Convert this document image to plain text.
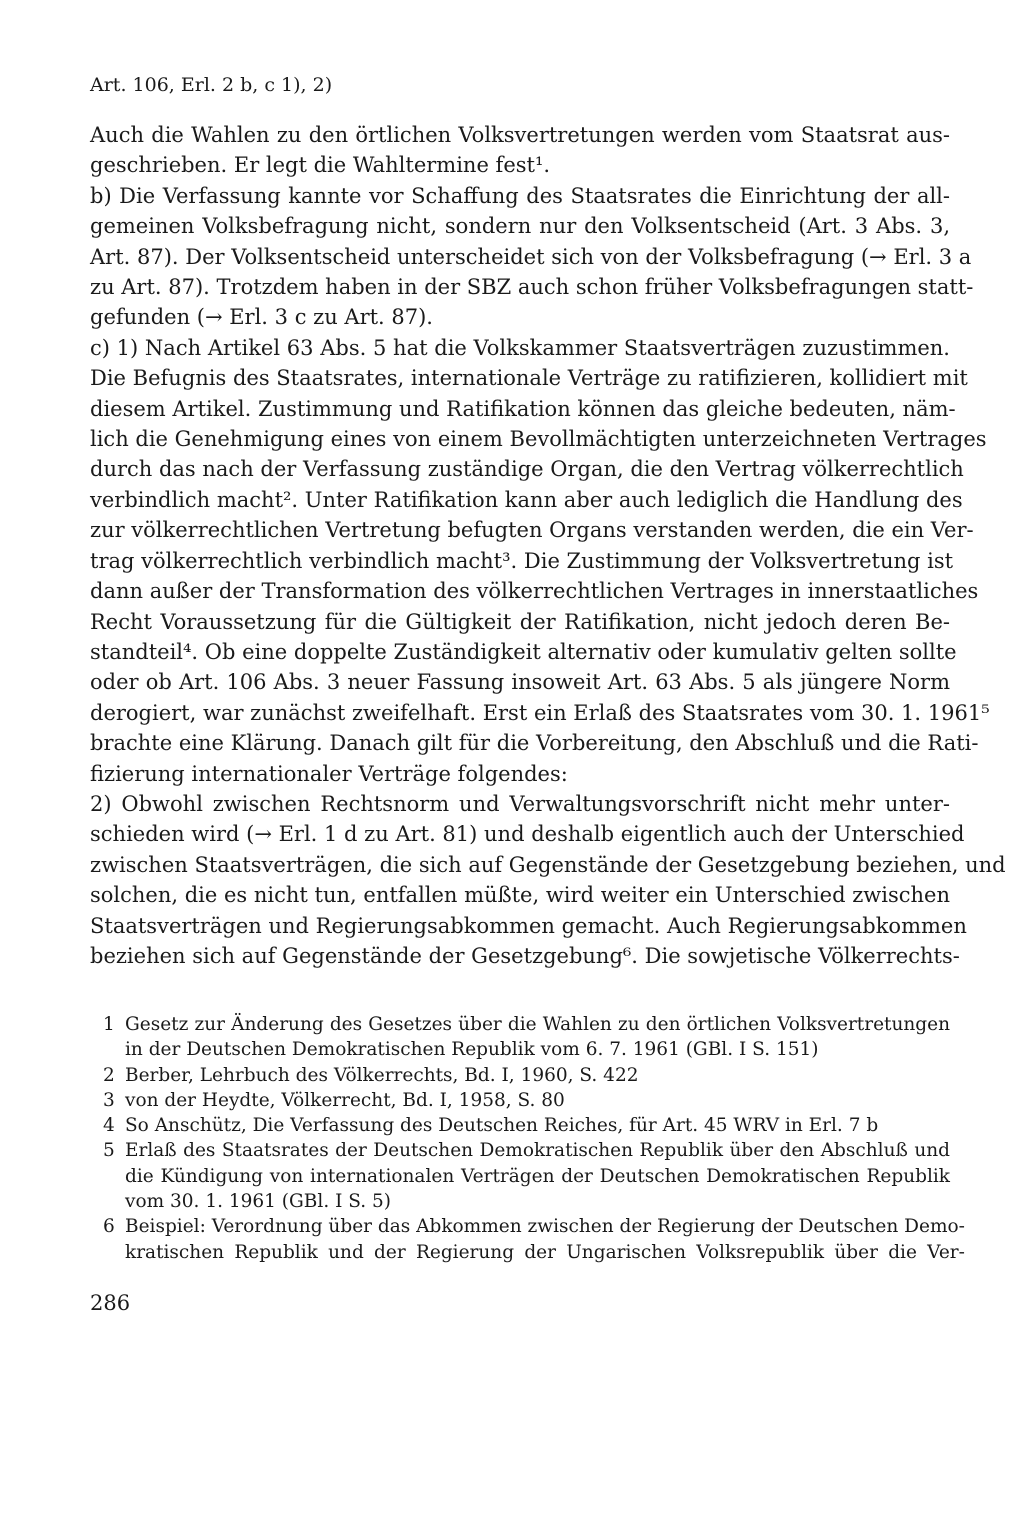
Art. 106, Erl. 2 b, c 1), 2)
Auch die Wahlen zu den örtlichen Volksvertretungen werden vom Staatsrat aus-
geschrieben. Er legt die Wahltermine fest¹.
b) Die Verfassung kannte vor Schaffung des Staatsrates die Einrichtung der all-
gemeinen Volksbefragung nicht, sondern nur den Volksentscheid (Art. 3 Abs. 3,
Art. 87). Der Volksentscheid unterscheidet sich von der Volksbefragung (→ Erl. 3 a
zu Art. 87). Trotzdem haben in der SBZ auch schon früher Volksbefragungen statt-
gefunden (→ Erl. 3 c zu Art. 87).
c) 1) Nach Artikel 63 Abs. 5 hat die Volkskammer Staatsverträgen zuzustimmen.
Die Befugnis des Staatsrates, internationale Verträge zu ratifizieren, kollidiert mit
diesem Artikel. Zustimmung und Ratifikation können das gleiche bedeuten, näm-
lich die Genehmigung eines von einem Bevollmächtigten unterzeichneten Vertrages
durch das nach der Verfassung zuständige Organ, die den Vertrag völkerrechtlich
verbindlich macht². Unter Ratifikation kann aber auch lediglich die Handlung des
zur völkerrechtlichen Vertretung befugten Organs verstanden werden, die ein Ver-
trag völkerrechtlich verbindlich macht³. Die Zustimmung der Volksvertretung ist
dann außer der Transformation des völkerrechtlichen Vertrages in innerstaatliches
Recht Voraussetzung für die Gültigkeit der Ratifikation, nicht jedoch deren Be-
standteil⁴. Ob eine doppelte Zuständigkeit alternativ oder kumulativ gelten sollte
oder ob Art. 106 Abs. 3 neuer Fassung insoweit Art. 63 Abs. 5 als jüngere Norm
derogiert, war zunächst zweifelhaft. Erst ein Erlaß des Staatsrates vom 30. 1. 1961⁵
brachte eine Klärung. Danach gilt für die Vorbereitung, den Abschluß und die Rati-
fizierung internationaler Verträge folgendes:
2) Obwohl zwischen Rechtsnorm und Verwaltungsvorschrift nicht mehr unter-
schieden wird (→ Erl. 1 d zu Art. 81) und deshalb eigentlich auch der Unterschied
zwischen Staatsverträgen, die sich auf Gegenstände der Gesetzgebung beziehen, und
solchen, die es nicht tun, entfallen müßte, wird weiter ein Unterschied zwischen
Staatsverträgen und Regierungsabkommen gemacht. Auch Regierungsabkommen
beziehen sich auf Gegenstände der Gesetzgebung⁶. Die sowjetische Völkerrechts-
1 Gesetz zur Änderung des Gesetzes über die Wahlen zu den örtlichen Volksvertretungen
in der Deutschen Demokratischen Republik vom 6. 7. 1961 (GBl. I S. 151)
2 Berber, Lehrbuch des Völkerrechts, Bd. I, 1960, S. 422
3 von der Heydte, Völkerrecht, Bd. I, 1958, S. 80
4 So Anschütz, Die Verfassung des Deutschen Reiches, für Art. 45 WRV in Erl. 7 b
5 Erlaß des Staatsrates der Deutschen Demokratischen Republik über den Abschluß und
die Kündigung von internationalen Verträgen der Deutschen Demokratischen Republik
vom 30. 1. 1961 (GBl. I S. 5)
6 Beispiel: Verordnung über das Abkommen zwischen der Regierung der Deutschen Demo-
kratischen Republik und der Regierung der Ungarischen Volksrepublik über die Ver-
286
